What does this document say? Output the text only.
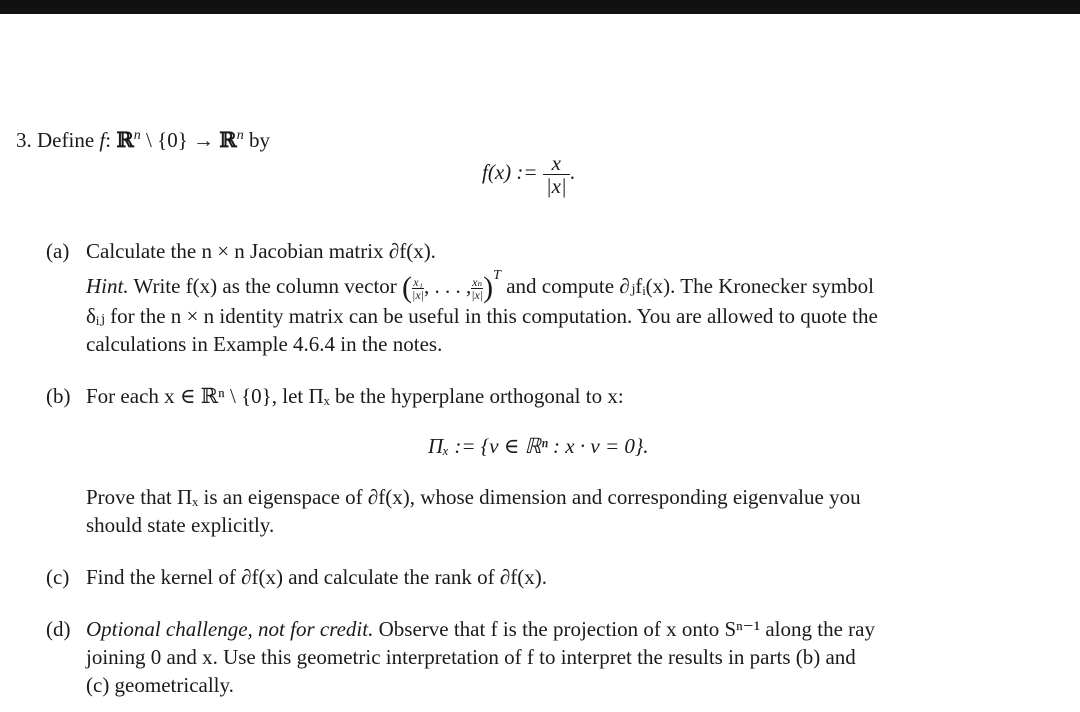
3. Define f: ℝ$^n$ \ {0} → ℝ$^n$ by
f(x) := $\frac{x}{|x|}$ .
(a) Calculate the n × n Jacobian matrix ∂f(x).
Hint. Write f(x) as the column vector ( $\frac{\text{x₁}}{|x|}$ , . . . , $\frac{\text{xₙ}}{|x|} )^T$ and compute ∂ⱼfᵢ(x). The Kronecker symbol
δᵢⱼ for the n × n identity matrix can be useful in this computation. You are allowed to quote the
calculations in Example 4.6.4 in the notes.
(b) For each x ∈ ℝⁿ \ {0}, let Πₓ be the hyperplane orthogonal to x:
Πₓ := {v ∈ ℝⁿ : x · v = 0}.
Prove that Πₓ is an eigenspace of ∂f(x), whose dimension and corresponding eigenvalue you
should state explicitly.
(c) Find the kernel of ∂f(x) and calculate the rank of ∂f(x).
(d) Optional challenge, not for credit. Observe that f is the projection of x onto Sⁿ⁻¹ along the ray
joining 0 and x. Use this geometric interpretation of f to interpret the results in parts (b) and
(c) geometrically.
